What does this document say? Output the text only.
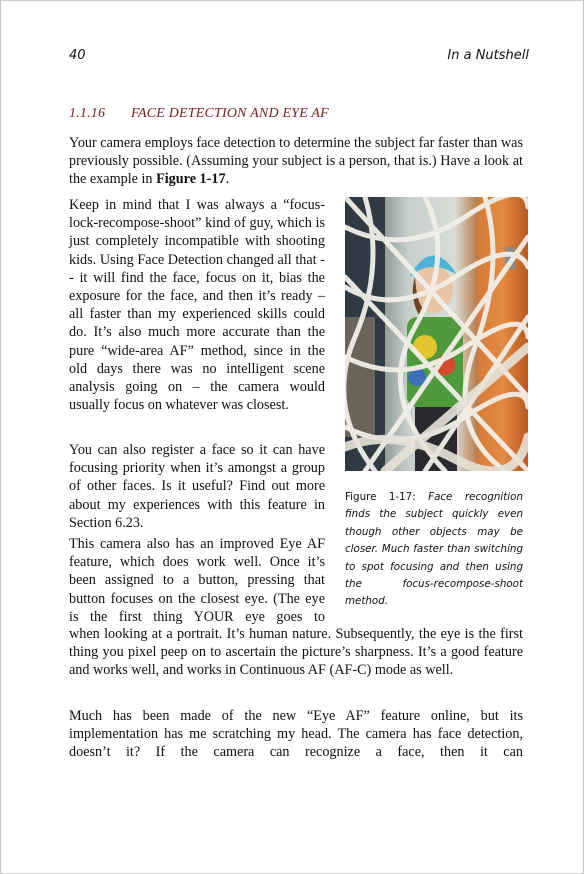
40	In a Nutshell
1.1.16 FACE DETECTION AND EYE AF

Your camera employs face detection to determine the subject far faster than was previously possible. (Assuming your subject is a person, that is.) Have a look at the example in Figure 1-17.

Keep in mind that I was always a “focus-lock-recompose-shoot” kind of guy, which is just completely incompatible with shooting kids. Using Face Detection changed all that -- it will find the face, focus on it, bias the exposure for the face, and then it’s ready – all faster than my experienced skills could do. It’s also much more accurate than the pure “wide-area AF” method, since in the old days there was no intelligent scene analysis going on – the camera would usually focus on whatever was closest.

You can also register a face so it can have focusing priority when it’s amongst a group of other faces. Is it useful? Find out more about my experiences with this feature in Section 6.23.

This camera also has an improved Eye AF feature, which does work well. Once it’s been assigned to a button, pressing that button focuses on the closest eye. (The eye is the first thing YOUR eye goes to

when looking at a portrait. It’s human nature. Subsequently, the eye is the first thing you pixel peep on to ascertain the picture’s sharpness. It’s a good feature and works well, and works in Continuous AF (AF-C) mode as well.

Much has been made of the new “Eye AF” feature online, but its implementation has me scratching my head. The camera has face detection, doesn’t it? If the camera can recognize a face, then it can

Figure 1-17: Face recognition finds the subject quickly even though other objects may be closer. Much faster than switching to spot focusing and then using the focus-recompose-shoot method.
